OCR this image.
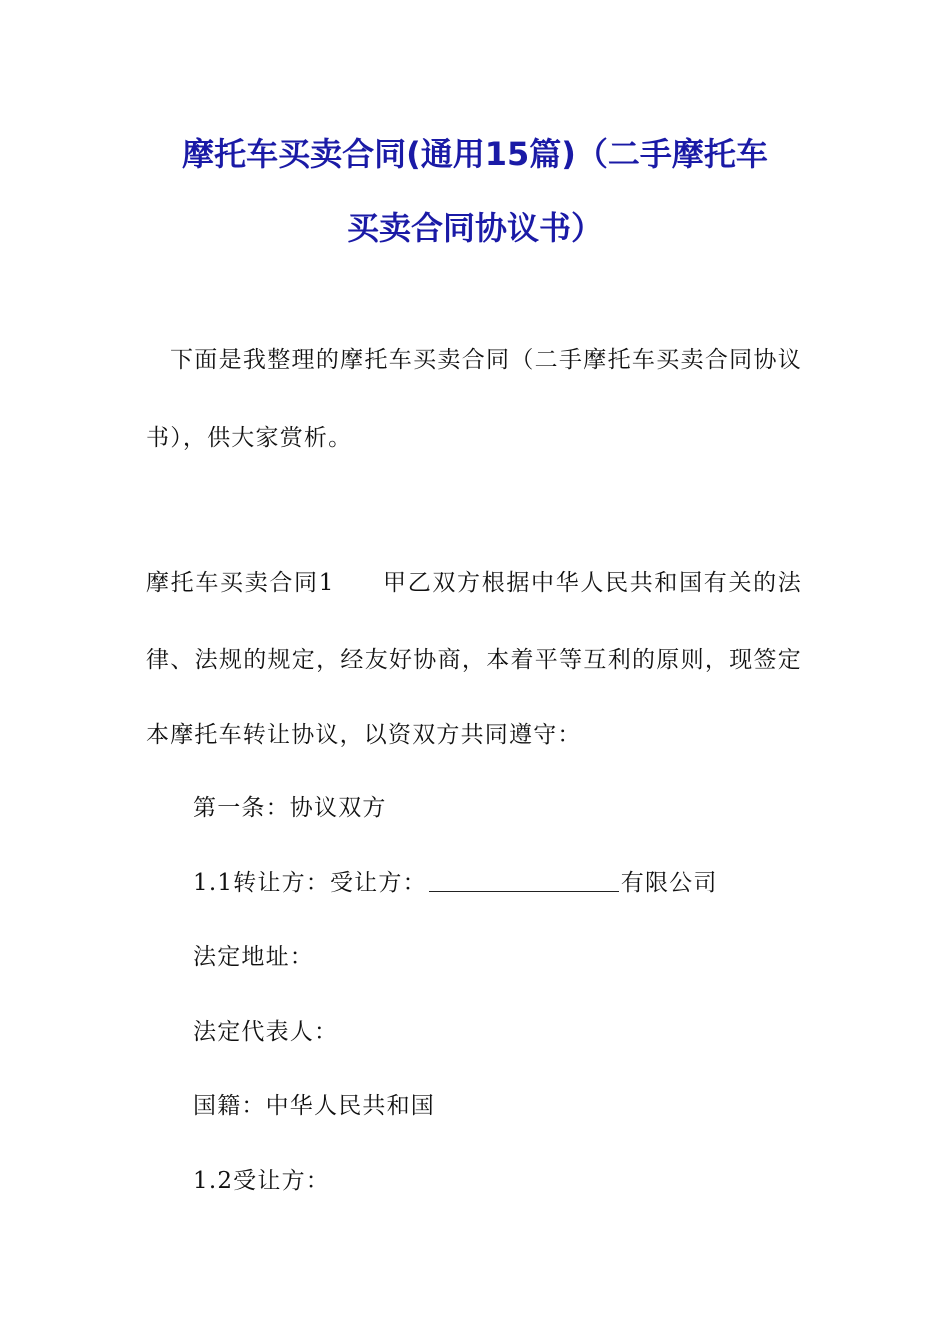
摩托车买卖合同(通用15篇)（二手摩托车
买卖合同协议书）
下面是我整理的摩托车买卖合同（二手摩托车买卖合同协议
书），供大家赏析。
摩托车买卖合同1 甲乙双方根据中华人民共和国有关的法
律、法规的规定，经友好协商，本着平等互利的原则，现签定
本摩托车转让协议，以资双方共同遵守：
第一条：协议双方
1.1转让方：受让方：	有限公司
法定地址：
法定代表人：
国籍：中华人民共和国
1.2受让方：
